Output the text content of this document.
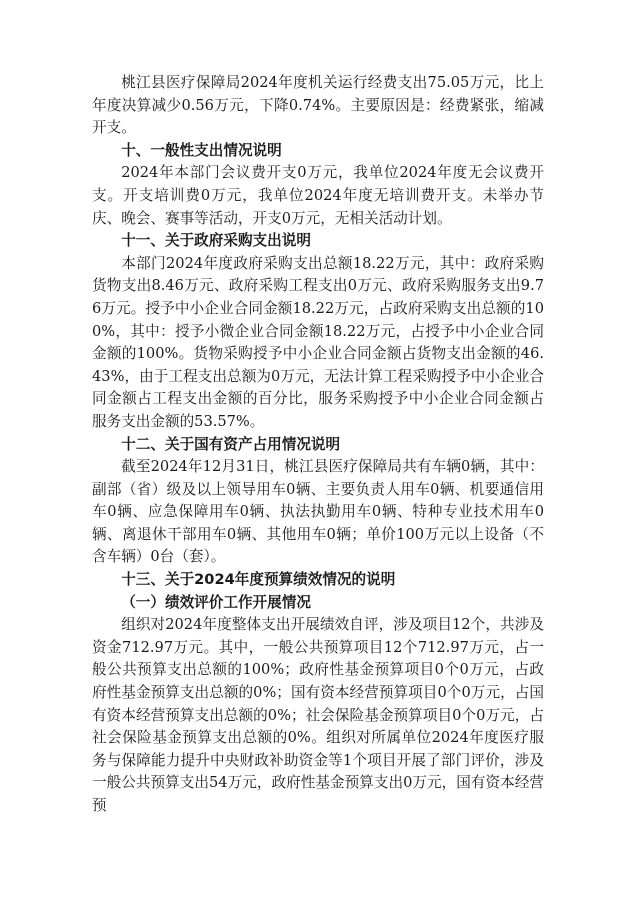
桃江县医疗保障局2024年度机关运行经费支出75.05万元，比上年度决算减少0.56万元，下降0.74%。主要原因是：经费紧张，缩减开支。

十、一般性支出情况说明

2024年本部门会议费开支0万元，我单位2024年度无会议费开支。开支培训费0万元，我单位2024年度无培训费开支。未举办节庆、晚会、赛事等活动，开支0万元，无相关活动计划。

十一、关于政府采购支出说明

本部门2024年度政府采购支出总额18.22万元，其中：政府采购货物支出8.46万元、政府采购工程支出0万元、政府采购服务支出9.76万元。授予中小企业合同金额18.22万元，占政府采购支出总额的100%，其中：授予小微企业合同金额18.22万元，占授予中小企业合同金额的100%。货物采购授予中小企业合同金额占货物支出金额的46.43%，由于工程支出总额为0万元，无法计算工程采购授予中小企业合同金额占工程支出金额的百分比，服务采购授予中小企业合同金额占服务支出金额的53.57%。

十二、关于国有资产占用情况说明

截至2024年12月31日，桃江县医疗保障局共有车辆0辆，其中：副部（省）级及以上领导用车0辆、主要负责人用车0辆、机要通信用车0辆、应急保障用车0辆、执法执勤用车0辆、特种专业技术用车0辆、离退休干部用车0辆、其他用车0辆；单价100万元以上设备（不含车辆）0台（套）。

十三、关于2024年度预算绩效情况的说明

（一）绩效评价工作开展情况

组织对2024年度整体支出开展绩效自评，涉及项目12个，共涉及资金712.97万元。其中，一般公共预算项目12个712.97万元，占一般公共预算支出总额的100%；政府性基金预算项目0个0万元，占政府性基金预算支出总额的0%；国有资本经营预算项目0个0万元，占国有资本经营预算支出总额的0%；社会保险基金预算项目0个0万元，占社会保险基金预算支出总额的0%。组织对所属单位2024年度医疗服务与保障能力提升中央财政补助资金等1个项目开展了部门评价，涉及一般公共预算支出54万元，政府性基金预算支出0万元，国有资本经营预
